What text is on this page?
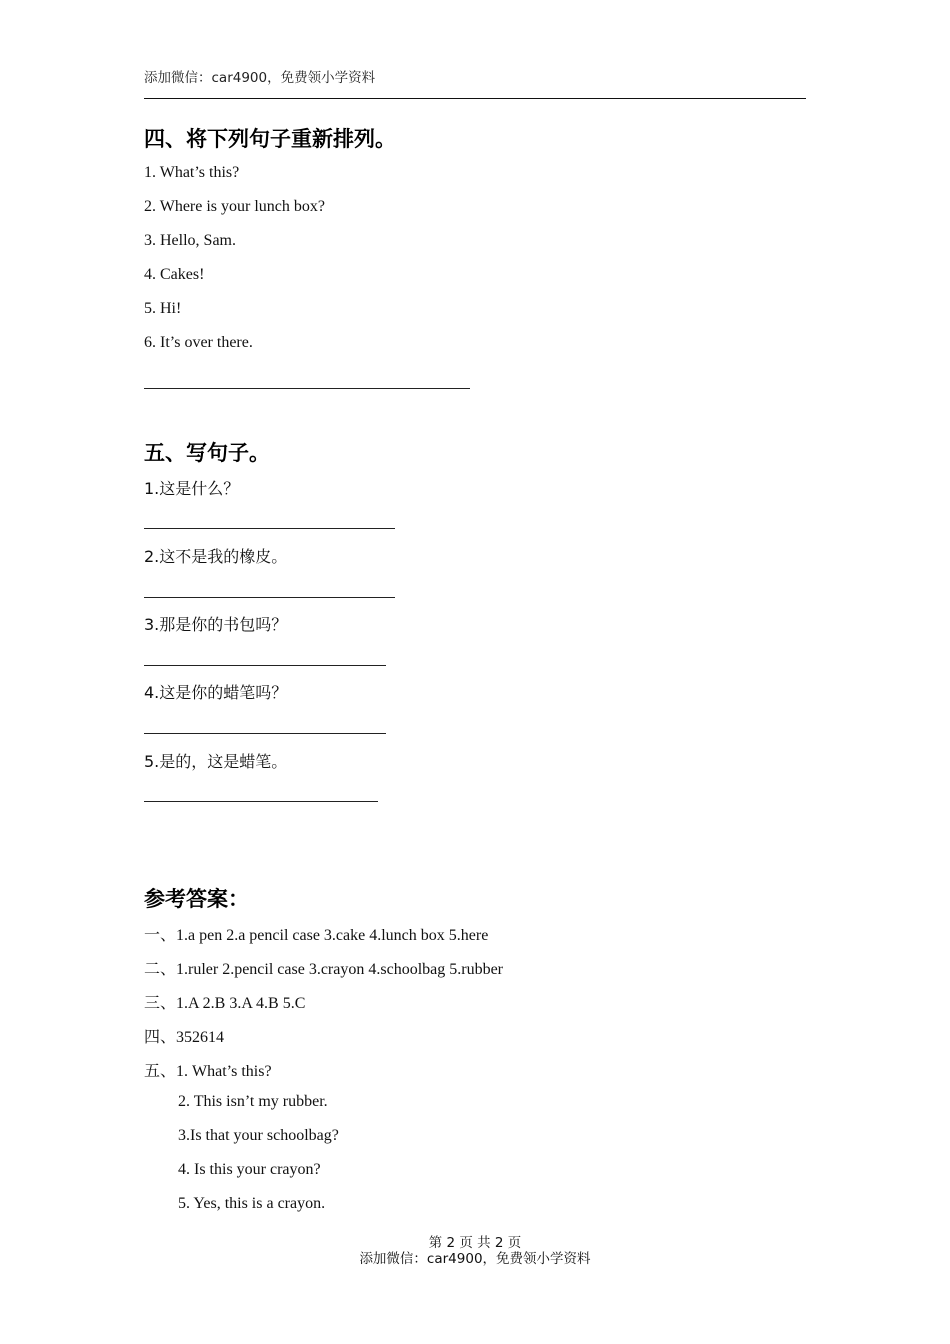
添加微信：car4900，免费领小学资料

四、将下列句子重新排列。

1. What’s this?

2. Where is your lunch box?

3. Hello, Sam.

4. Cakes!

5. Hi!

6. It’s over there.

五、写句子。

1.这是什么？

2.这不是我的橡皮。

3.那是你的书包吗？

4.这是你的蜡笔吗？

5.是的，这是蜡笔。

参考答案：

一、1.a pen 2.a pencil case 3.cake 4.lunch box 5.here

二、1.ruler 2.pencil case 3.crayon 4.schoolbag 5.rubber

三、1.A 2.B 3.A 4.B 5.C

四、352614

五、1. What’s this?

2. This isn’t my rubber.

3.Is that your schoolbag?

4. Is this your crayon?

5. Yes, this is a crayon.

第 2 页 共 2 页

添加微信：car4900，免费领小学资料
